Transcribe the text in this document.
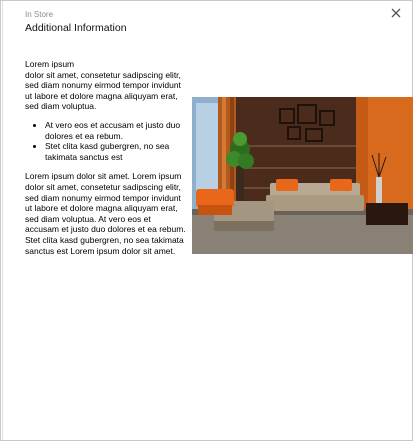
In Store
Additional Information
Lorem ipsum

dolor sit amet, consetetur sadipscing elitr, sed diam nonumy eirmod tempor invidunt ut labore et dolore magna aliquyam erat, sed diam voluptua.

• At vero eos et accusam et justo duo dolores et ea rebum.
• Stet clita kasd gubergren, no sea takimata sanctus est

Lorem ipsum dolor sit amet. Lorem ipsum dolor sit amet, consetetur sadipscing elitr, sed diam nonumy eirmod tempor invidunt ut labore et dolore magna aliquyam erat, sed diam voluptua. At vero eos et accusam et justo duo dolores et ea rebum. Stet clita kasd gubergren, no sea takimata sanctus est Lorem ipsum dolor sit amet.
